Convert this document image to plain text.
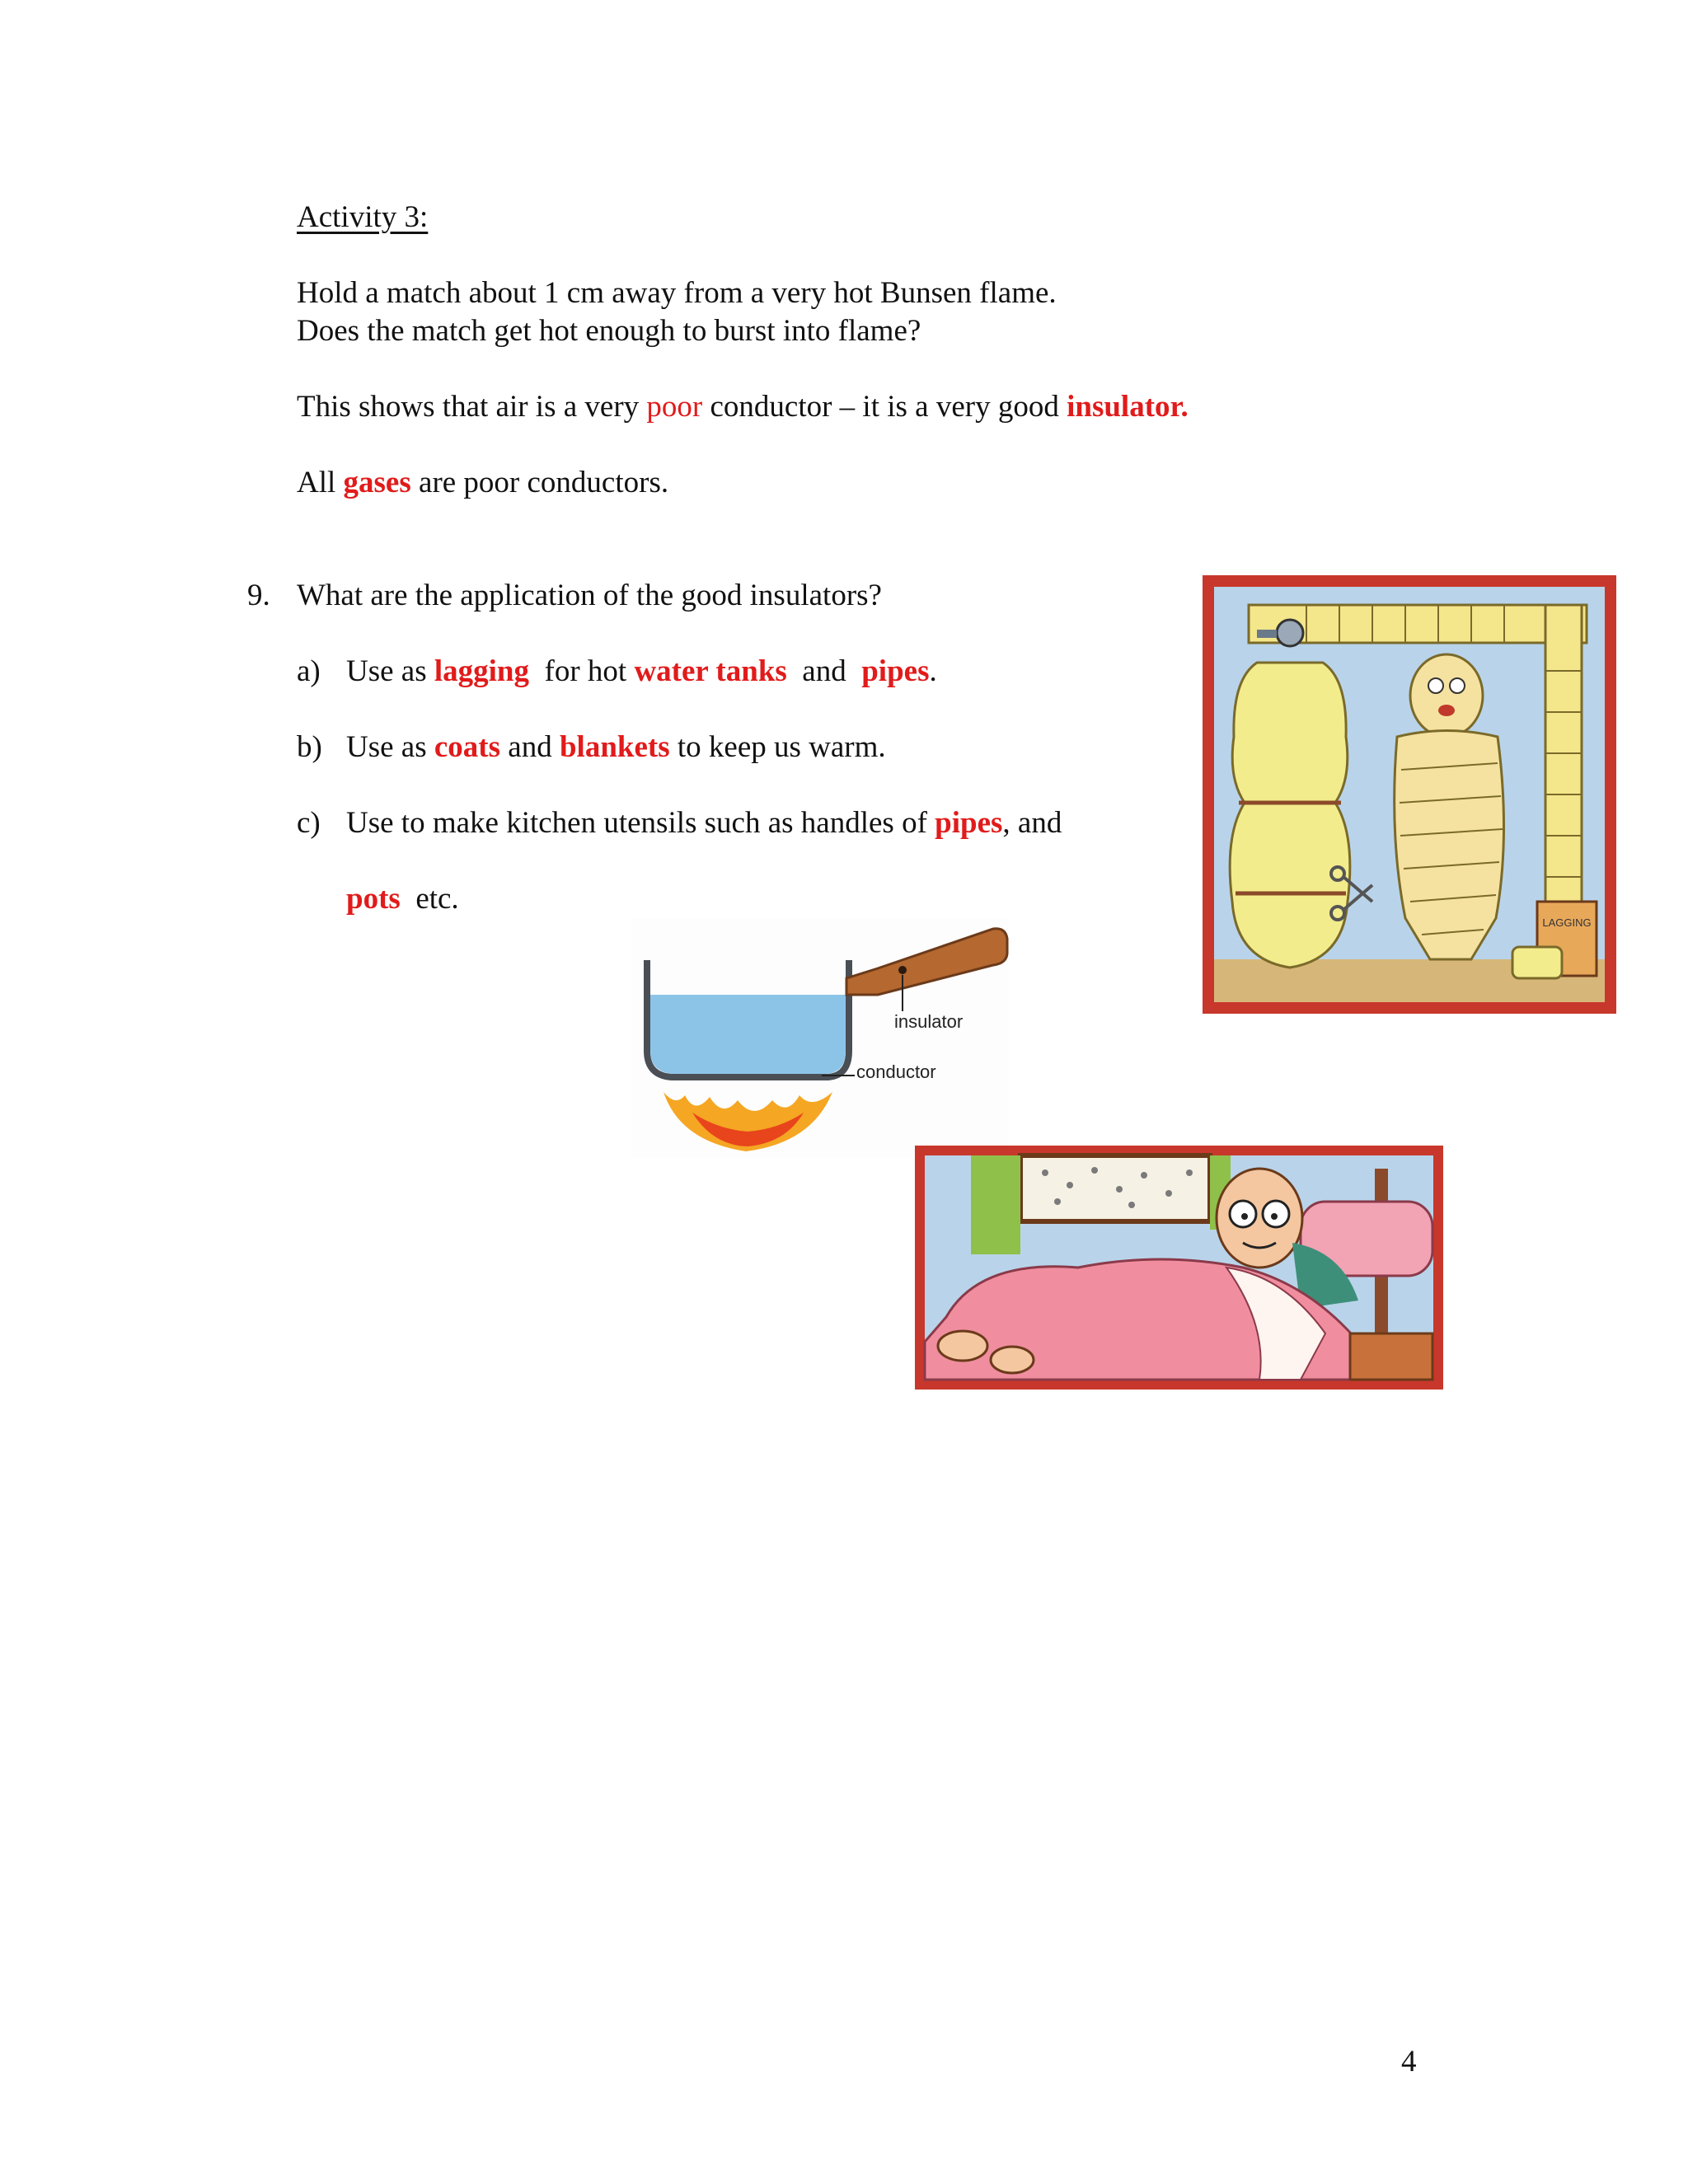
Activity 3:
Hold a match about 1 cm away from a very hot Bunsen flame.
Does the match get hot enough to burst into flame?
This shows that air is a very poor conductor – it is a very good insulator.
All gases are poor conductors.
9. What are the application of the good insulators?
a) Use as lagging  for hot water tanks  and  pipes.
b) Use as coats and blankets to keep us warm.
c) Use to make kitchen utensils such as handles of pipes, and
pots  etc.
LAGGING
insulator
conductor
4
